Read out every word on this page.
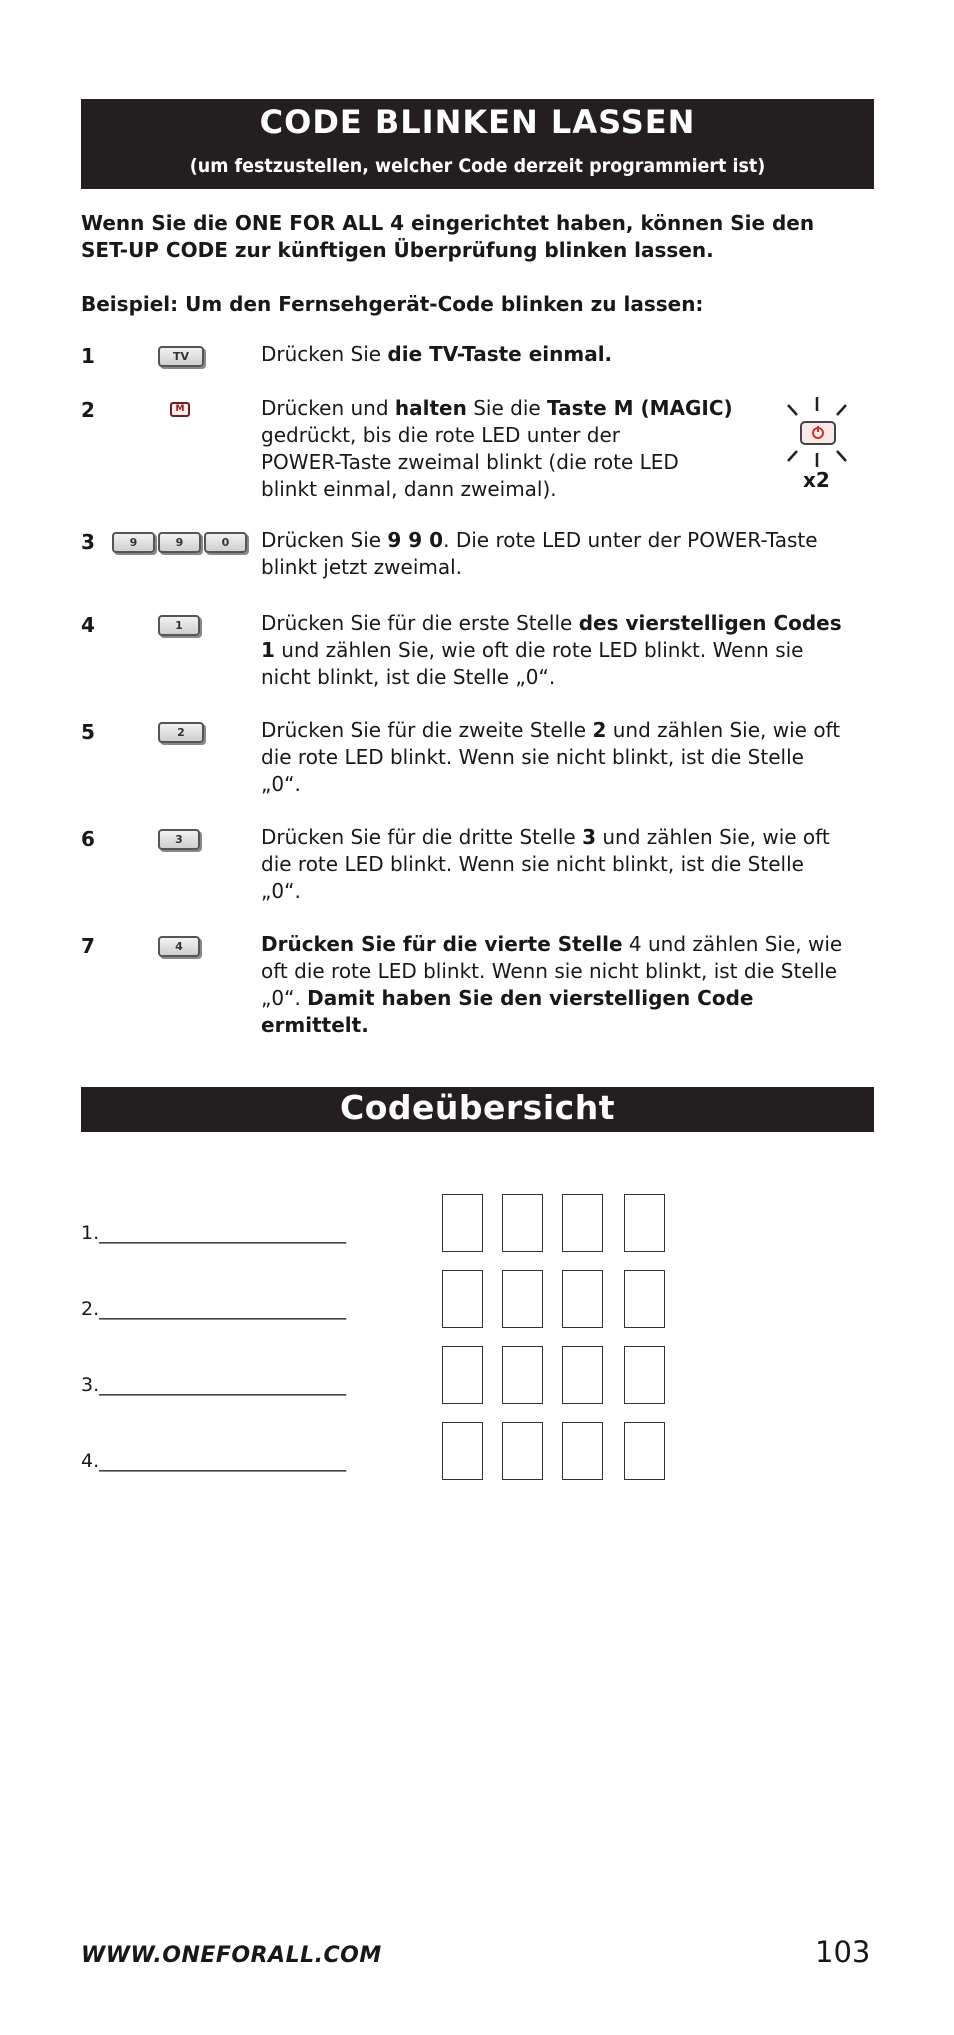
CODE BLINKEN LASSEN
(um festzustellen, welcher Code derzeit programmiert ist)
Wenn Sie die ONE FOR ALL 4 eingerichtet haben, können Sie den
SET-UP CODE zur künftigen Überprüfung blinken lassen.
Beispiel: Um den Fernsehgerät-Code blinken zu lassen:
1	TV	Drücken Sie die TV-Taste einmal.
2	M	Drücken und halten Sie die Taste M (MAGIC)
gedrückt, bis die rote LED unter der
POWER-Taste zweimal blinkt (die rote LED
blinkt einmal, dann zweimal).
3	9	9	0	Drücken Sie 9 9 0. Die rote LED unter der POWER-Taste
blinkt jetzt zweimal.
4	1	Drücken Sie für die erste Stelle des vierstelligen Codes
1 und zählen Sie, wie oft die rote LED blinkt. Wenn sie
nicht blinkt, ist die Stelle „0“.
5	2	Drücken Sie für die zweite Stelle 2 und zählen Sie, wie oft
die rote LED blinkt. Wenn sie nicht blinkt, ist die Stelle
„0“.
6	3	Drücken Sie für die dritte Stelle 3 und zählen Sie, wie oft
die rote LED blinkt. Wenn sie nicht blinkt, ist die Stelle
„0“.
7	4	Drücken Sie für die vierte Stelle 4 und zählen Sie, wie
oft die rote LED blinkt. Wenn sie nicht blinkt, ist die Stelle
„0“. Damit haben Sie den vierstelligen Code
ermittelt.
x2
Codeübersicht
1.__________________________
2.__________________________
3.__________________________
4.__________________________
WWW.ONEFORALL.COM	103
